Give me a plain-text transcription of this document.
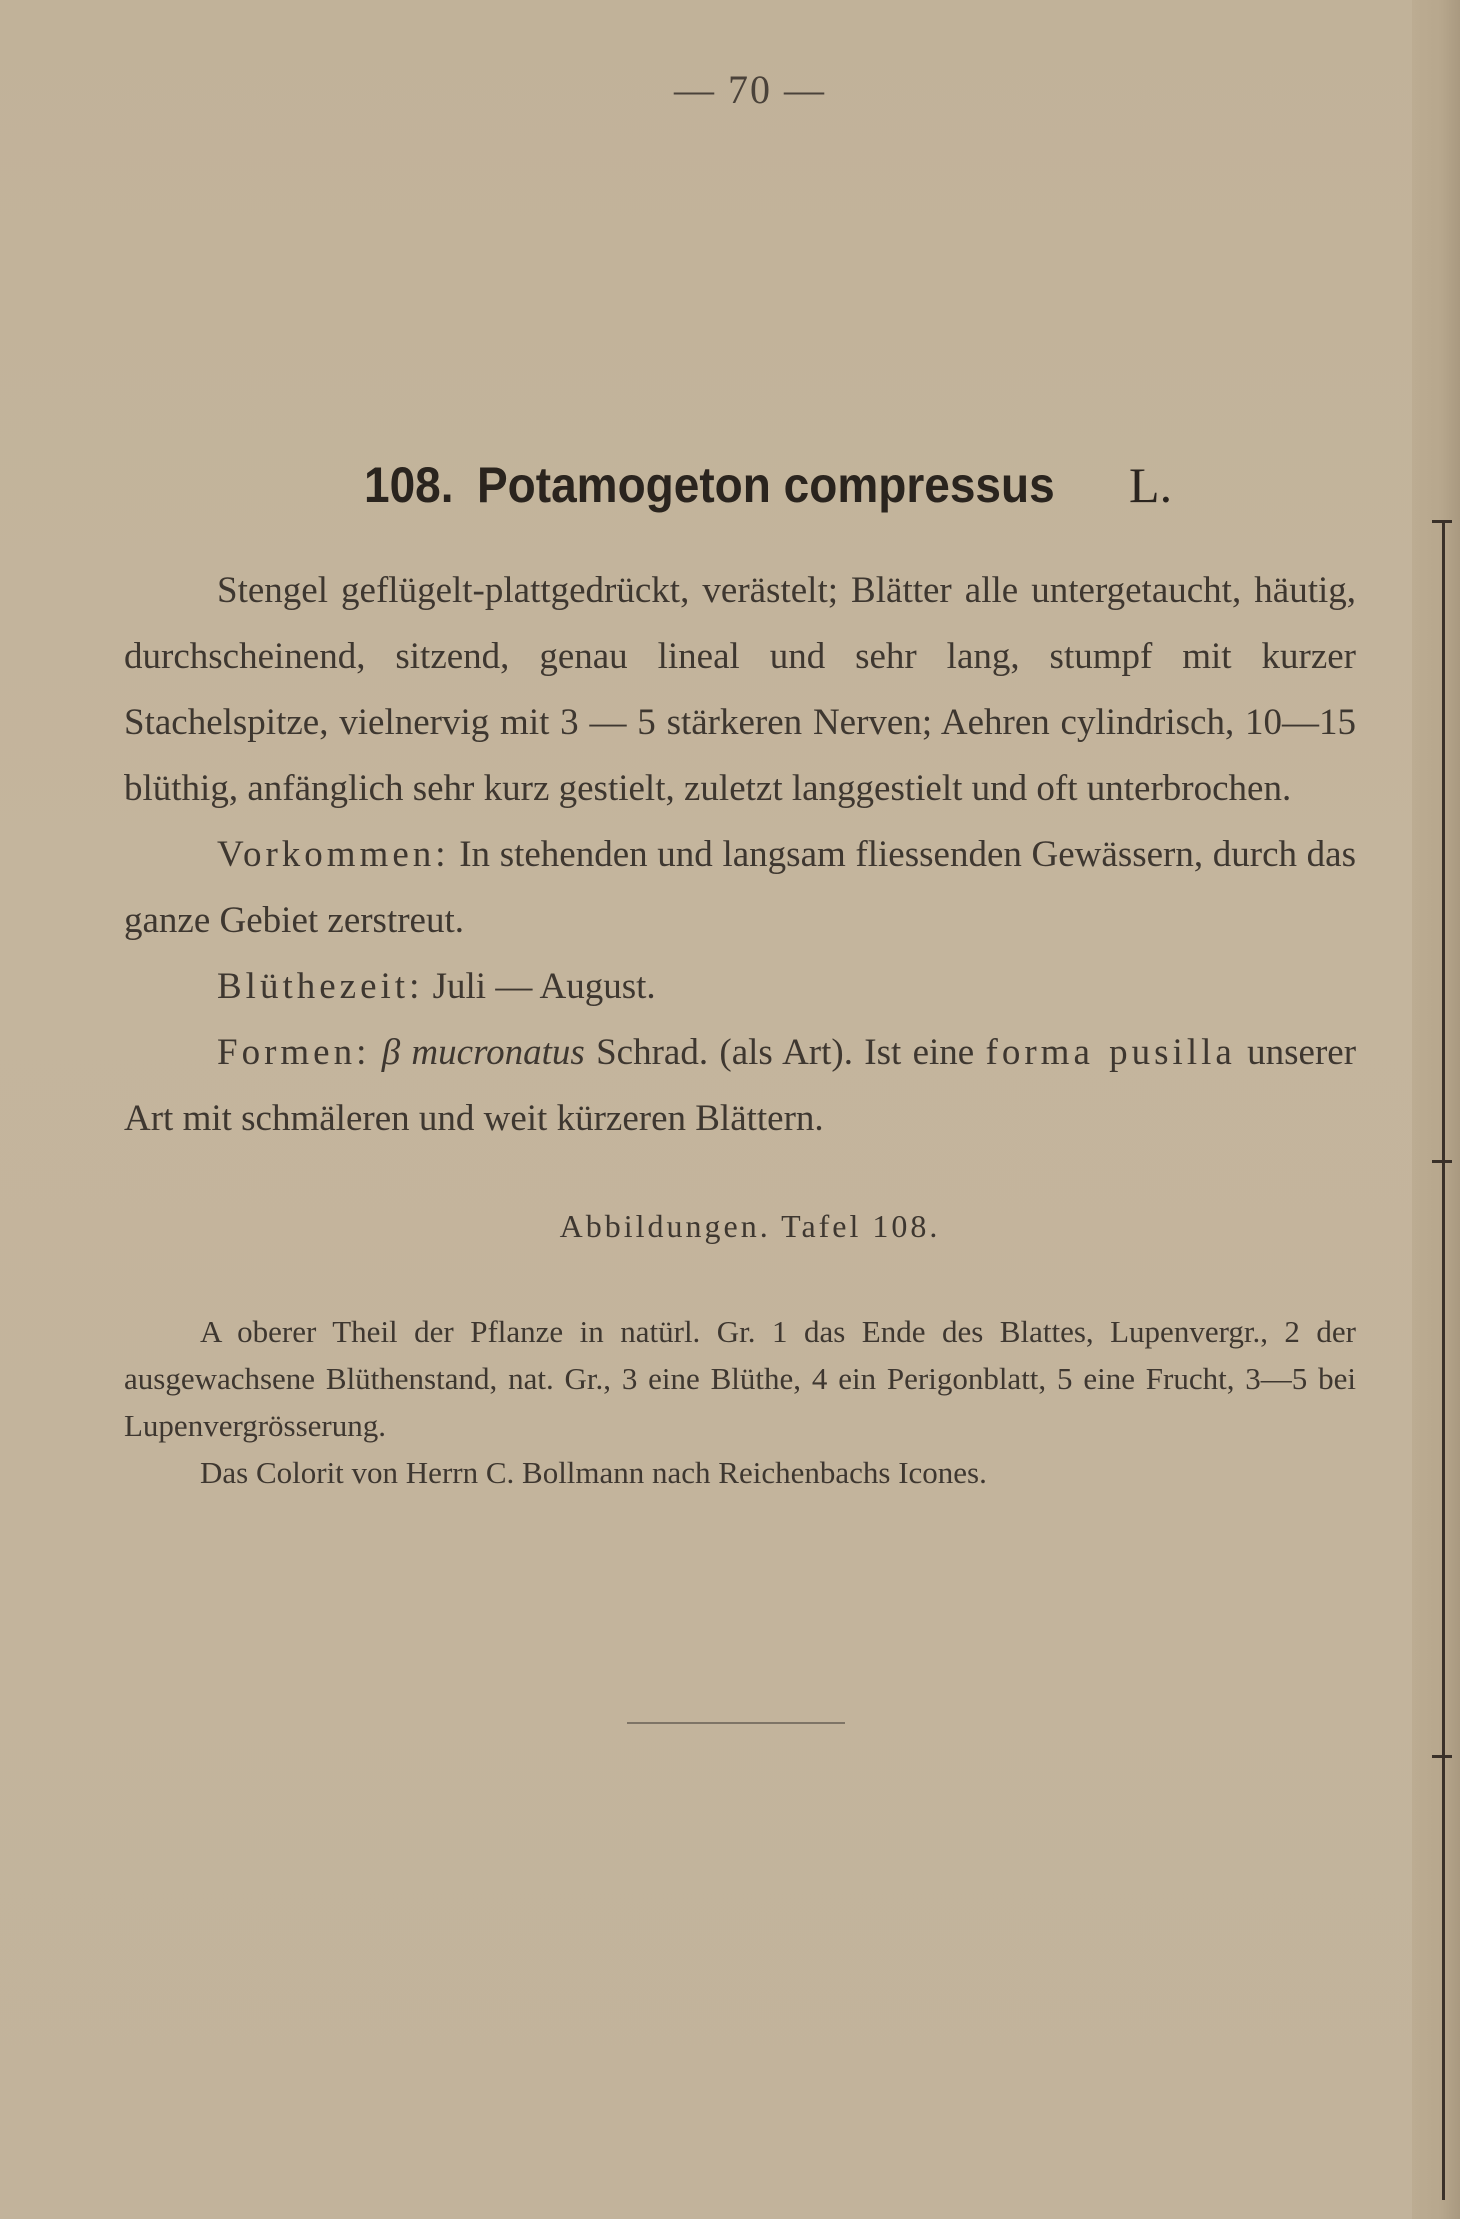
— 70 —
108. Potamogeton compressus L.

Stengel geflügelt-plattgedrückt, verästelt; Blätter alle untergetaucht, häutig, durchscheinend, sitzend, genau lineal und sehr lang, stumpf mit kurzer Stachelspitze, vielnervig mit 3 — 5 stärkeren Nerven; Aehren cylindrisch, 10—15 blüthig, anfänglich sehr kurz gestielt, zuletzt langgestielt und oft unterbrochen.

Vorkommen: In stehenden und langsam fliessenden Gewässern, durch das ganze Gebiet zerstreut.

Blüthezeit: Juli — August.

Formen: β mucronatus Schrad. (als Art). Ist eine forma pusilla unserer Art mit schmäleren und weit kürzeren Blättern.

Abbildungen. Tafel 108.

A oberer Theil der Pflanze in natürl. Gr. 1 das Ende des Blattes, Lupenvergr., 2 der ausgewachsene Blüthenstand, nat. Gr., 3 eine Blüthe, 4 ein Perigonblatt, 5 eine Frucht, 3—5 bei Lupenvergrösserung.

Das Colorit von Herrn C. Bollmann nach Reichenbachs Icones.
